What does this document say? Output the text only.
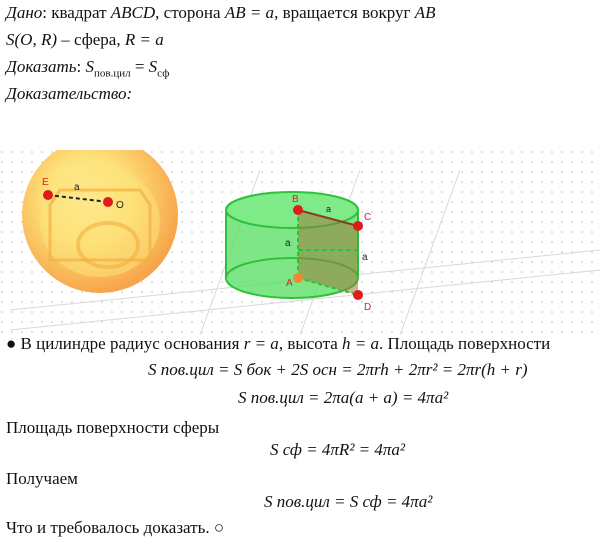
Дано: квадрат ABCD, сторона AB = a, вращается вокруг AB
S(O, R) – сфера, R = a
Доказать: $S_{пов.цил} = S_{сф}$
Доказательство:
E
O
a
B
C
A
D
a
a
a
● В цилиндре радиус основания r = a, высота h = a. Площадь поверхности
S пов.цил = S бок + 2S осн = 2πrh + 2πr² = 2πr(h + r)
S пов.цил = 2πa(a + a) = 4πa²
Площадь поверхности сферы
S сф = 4πR² = 4πa²
Получаем
S пов.цил = S сф = 4πa²
Что и требовалось доказать. ○
